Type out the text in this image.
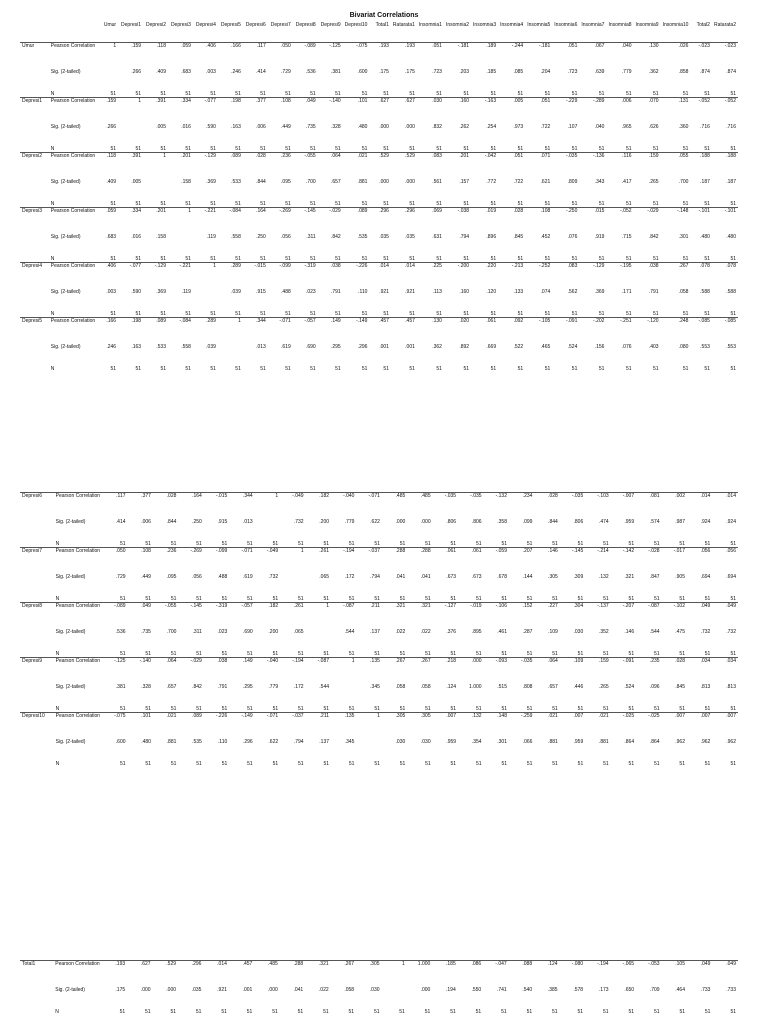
Bivariat Correlations
		Umur	Depresi1	Depresi2	Depresi3	Depresi4	Depresi5	Depresi6	Depresi7	Depresi8	Depresi9	Depresi10	Total1	Ratarata1	Insomnia1	Insomnia2	Insomnia3	Insomnia4	Insomnia5	Insomnia6	Insomnia7	Insomnia8	Insomnia9	Insomnia10	Total2	Ratarata2
Umur	Pearson Correlation	1	.159	.118	.059	.406	.166	.117	.050	-.089	-.125	-.075	.193	.193	.051	-.181	.189	-.244	-.181	.051	.067	.040	.130	.026	-.023	-.023
	Sig. (2-tailed)		.266	.409	.683	.003	.246	.414	.729	.536	.381	.600	.175	.175	.723	.203	.185	.085	.204	.723	.639	.779	.362	.858	.874	.874
	N	51	51	51	51	51	51	51	51	51	51	51	51	51	51	51	51	51	51	51	51	51	51	51	51	51
Depresi1	Pearson Correlation	.159	1	.391	.334	-.077	.198	.377	.108	.049	-.140	.101	.627	.627	.030	.160	-.163	.005	.051	-.229	-.289	.006	.070	.131	-.052	-.052
	Sig. (2-tailed)	.266		.005	.016	.590	.163	.006	.449	.735	.328	.480	.000	.000	.832	.262	.254	.973	.722	.107	.040	.965	.626	.360	.716	.716
	N	51	51	51	51	51	51	51	51	51	51	51	51	51	51	51	51	51	51	51	51	51	51	51	51	51
Depresi2	Pearson Correlation	.118	.391	1	.201	-.129	.089	.028	.236	-.055	.064	.021	.529	.529	.083	.201	-.042	.051	.071	-.035	-.136	.116	.159	.055	.188	.188
	Sig. (2-tailed)	.409	.005		.158	.369	.533	.844	.095	.700	.657	.881	.000	.000	.561	.157	.772	.722	.621	.809	.343	.417	.265	.700	.187	.187
	N	51	51	51	51	51	51	51	51	51	51	51	51	51	51	51	51	51	51	51	51	51	51	51	51	51
Depresi3	Pearson Correlation	.059	.334	.201	1	-.221	-.084	.164	-.269	-.145	-.029	.089	.296	.296	.069	-.038	.019	.028	.108	-.250	.015	-.052	-.029	-.148	-.101	-.101
	Sig. (2-tailed)	.683	.016	.158		.119	.558	.250	.056	.311	.842	.535	.035	.035	.631	.794	.896	.845	.452	.076	.919	.715	.842	.301	.480	.480
	N	51	51	51	51	51	51	51	51	51	51	51	51	51	51	51	51	51	51	51	51	51	51	51	51	51
Depresi4	Pearson Correlation	.406	-.077	-.129	-.221	1	.289	-.015	-.099	-.319	.038	-.226	.014	.014	.225	-.200	.220	-.213	-.252	.083	-.129	-.195	.038	.267	.078	.078
	Sig. (2-tailed)	.003	.590	.369	.119		.039	.915	.488	.023	.791	.110	.921	.921	.113	.160	.120	.133	.074	.562	.369	.171	.791	.058	.588	.588
	N	51	51	51	51	51	51	51	51	51	51	51	51	51	51	51	51	51	51	51	51	51	51	51	51	51
Depresi5	Pearson Correlation	.166	.198	.089	-.084	.289	1	.344	-.071	-.057	.149	-.149	.457	.457	.130	.020	.061	.092	-.105	-.091	-.202	-.251	-.120	.248	-.085	-.085
	Sig. (2-tailed)	.246	.163	.533	.558	.039		.013	.619	.690	.295	.296	.001	.001	.362	.892	.669	.522	.465	.524	.156	.076	.403	.080	.553	.553
	N	51	51	51	51	51	51	51	51	51	51	51	51	51	51	51	51	51	51	51	51	51	51	51	51	51
Depresi6	Pearson Correlation	.117	.377	.028	.164	-.015	.344	1	-.049	.182	-.040	-.071	.485	.485	-.035	-.035	-.132	.234	.028	-.035	-.103	-.007	.081	.002	.014	.014
	Sig. (2-tailed)	.414	.006	.844	.250	.915	.013		.732	.200	.779	.622	.000	.000	.806	.806	.358	.099	.844	.806	.474	.959	.574	.987	.924	.924
	N	51	51	51	51	51	51	51	51	51	51	51	51	51	51	51	51	51	51	51	51	51	51	51	51	51
Depresi7	Pearson Correlation	.050	.108	.236	-.269	-.099	-.071	-.049	1	.261	-.194	-.037	.288	.288	.061	.061	-.059	.207	.146	-.145	-.214	-.142	-.028	-.017	.056	.056
	Sig. (2-tailed)	.729	.449	.095	.056	.488	.619	.732		.065	.172	.794	.041	.041	.673	.673	.678	.144	.305	.309	.132	.321	.847	.905	.694	.694
	N	51	51	51	51	51	51	51	51	51	51	51	51	51	51	51	51	51	51	51	51	51	51	51	51	51
Depresi8	Pearson Correlation	-.089	.049	-.055	-.145	-.319	-.057	.182	.261	1	-.087	.211	.321	.321	-.127	-.019	-.106	.152	.227	.304	-.137	-.207	-.087	-.102	.049	.049
	Sig. (2-tailed)	.536	.735	.700	.311	.023	.690	.200	.065		.544	.137	.022	.022	.376	.895	.461	.287	.109	.030	.352	.146	.544	.475	.732	.732
	N	51	51	51	51	51	51	51	51	51	51	51	51	51	51	51	51	51	51	51	51	51	51	51	51	51
Depresi9	Pearson Correlation	-.125	-.140	.064	-.029	.038	.149	-.040	-.194	-.087	1	.135	.267	.267	.218	.000	-.093	-.035	.064	.109	.159	-.091	.235	.028	.034	.034
	Sig. (2-tailed)	.381	.328	.657	.842	.791	.295	.779	.172	.544		.345	.058	.058	.124	1.000	.515	.808	.657	.446	.265	.524	.096	.845	.813	.813
	N	51	51	51	51	51	51	51	51	51	51	51	51	51	51	51	51	51	51	51	51	51	51	51	51	51
Depresi10	Pearson Correlation	-.075	.101	.021	.089	-.226	-.149	-.071	-.037	.211	.135	1	.305	.305	.007	.132	.148	-.259	.021	.007	.021	-.025	-.025	.007	.007	.007
	Sig. (2-tailed)	.600	.480	.881	.535	.110	.296	.622	.794	.137	.345		.030	.030	.959	.354	.301	.066	.881	.959	.881	.864	.864	.962	.962	.962
	N	51	51	51	51	51	51	51	51	51	51	51	51	51	51	51	51	51	51	51	51	51	51	51	51	51
Total1	Pearson Correlation	.193	.627	.529	.296	.014	.457	.485	.288	.321	.267	.305	1	1.000	.185	.086	-.047	.088	.124	-.080	-.194	-.065	-.053	.105	.049	.049
	Sig. (2-tailed)	.175	.000	.000	.035	.921	.001	.000	.041	.022	.058	.030		.000	.194	.550	.741	.540	.385	.578	.173	.650	.709	.464	.733	.733
	N	51	51	51	51	51	51	51	51	51	51	51	51	51	51	51	51	51	51	51	51	51	51	51	51	51
